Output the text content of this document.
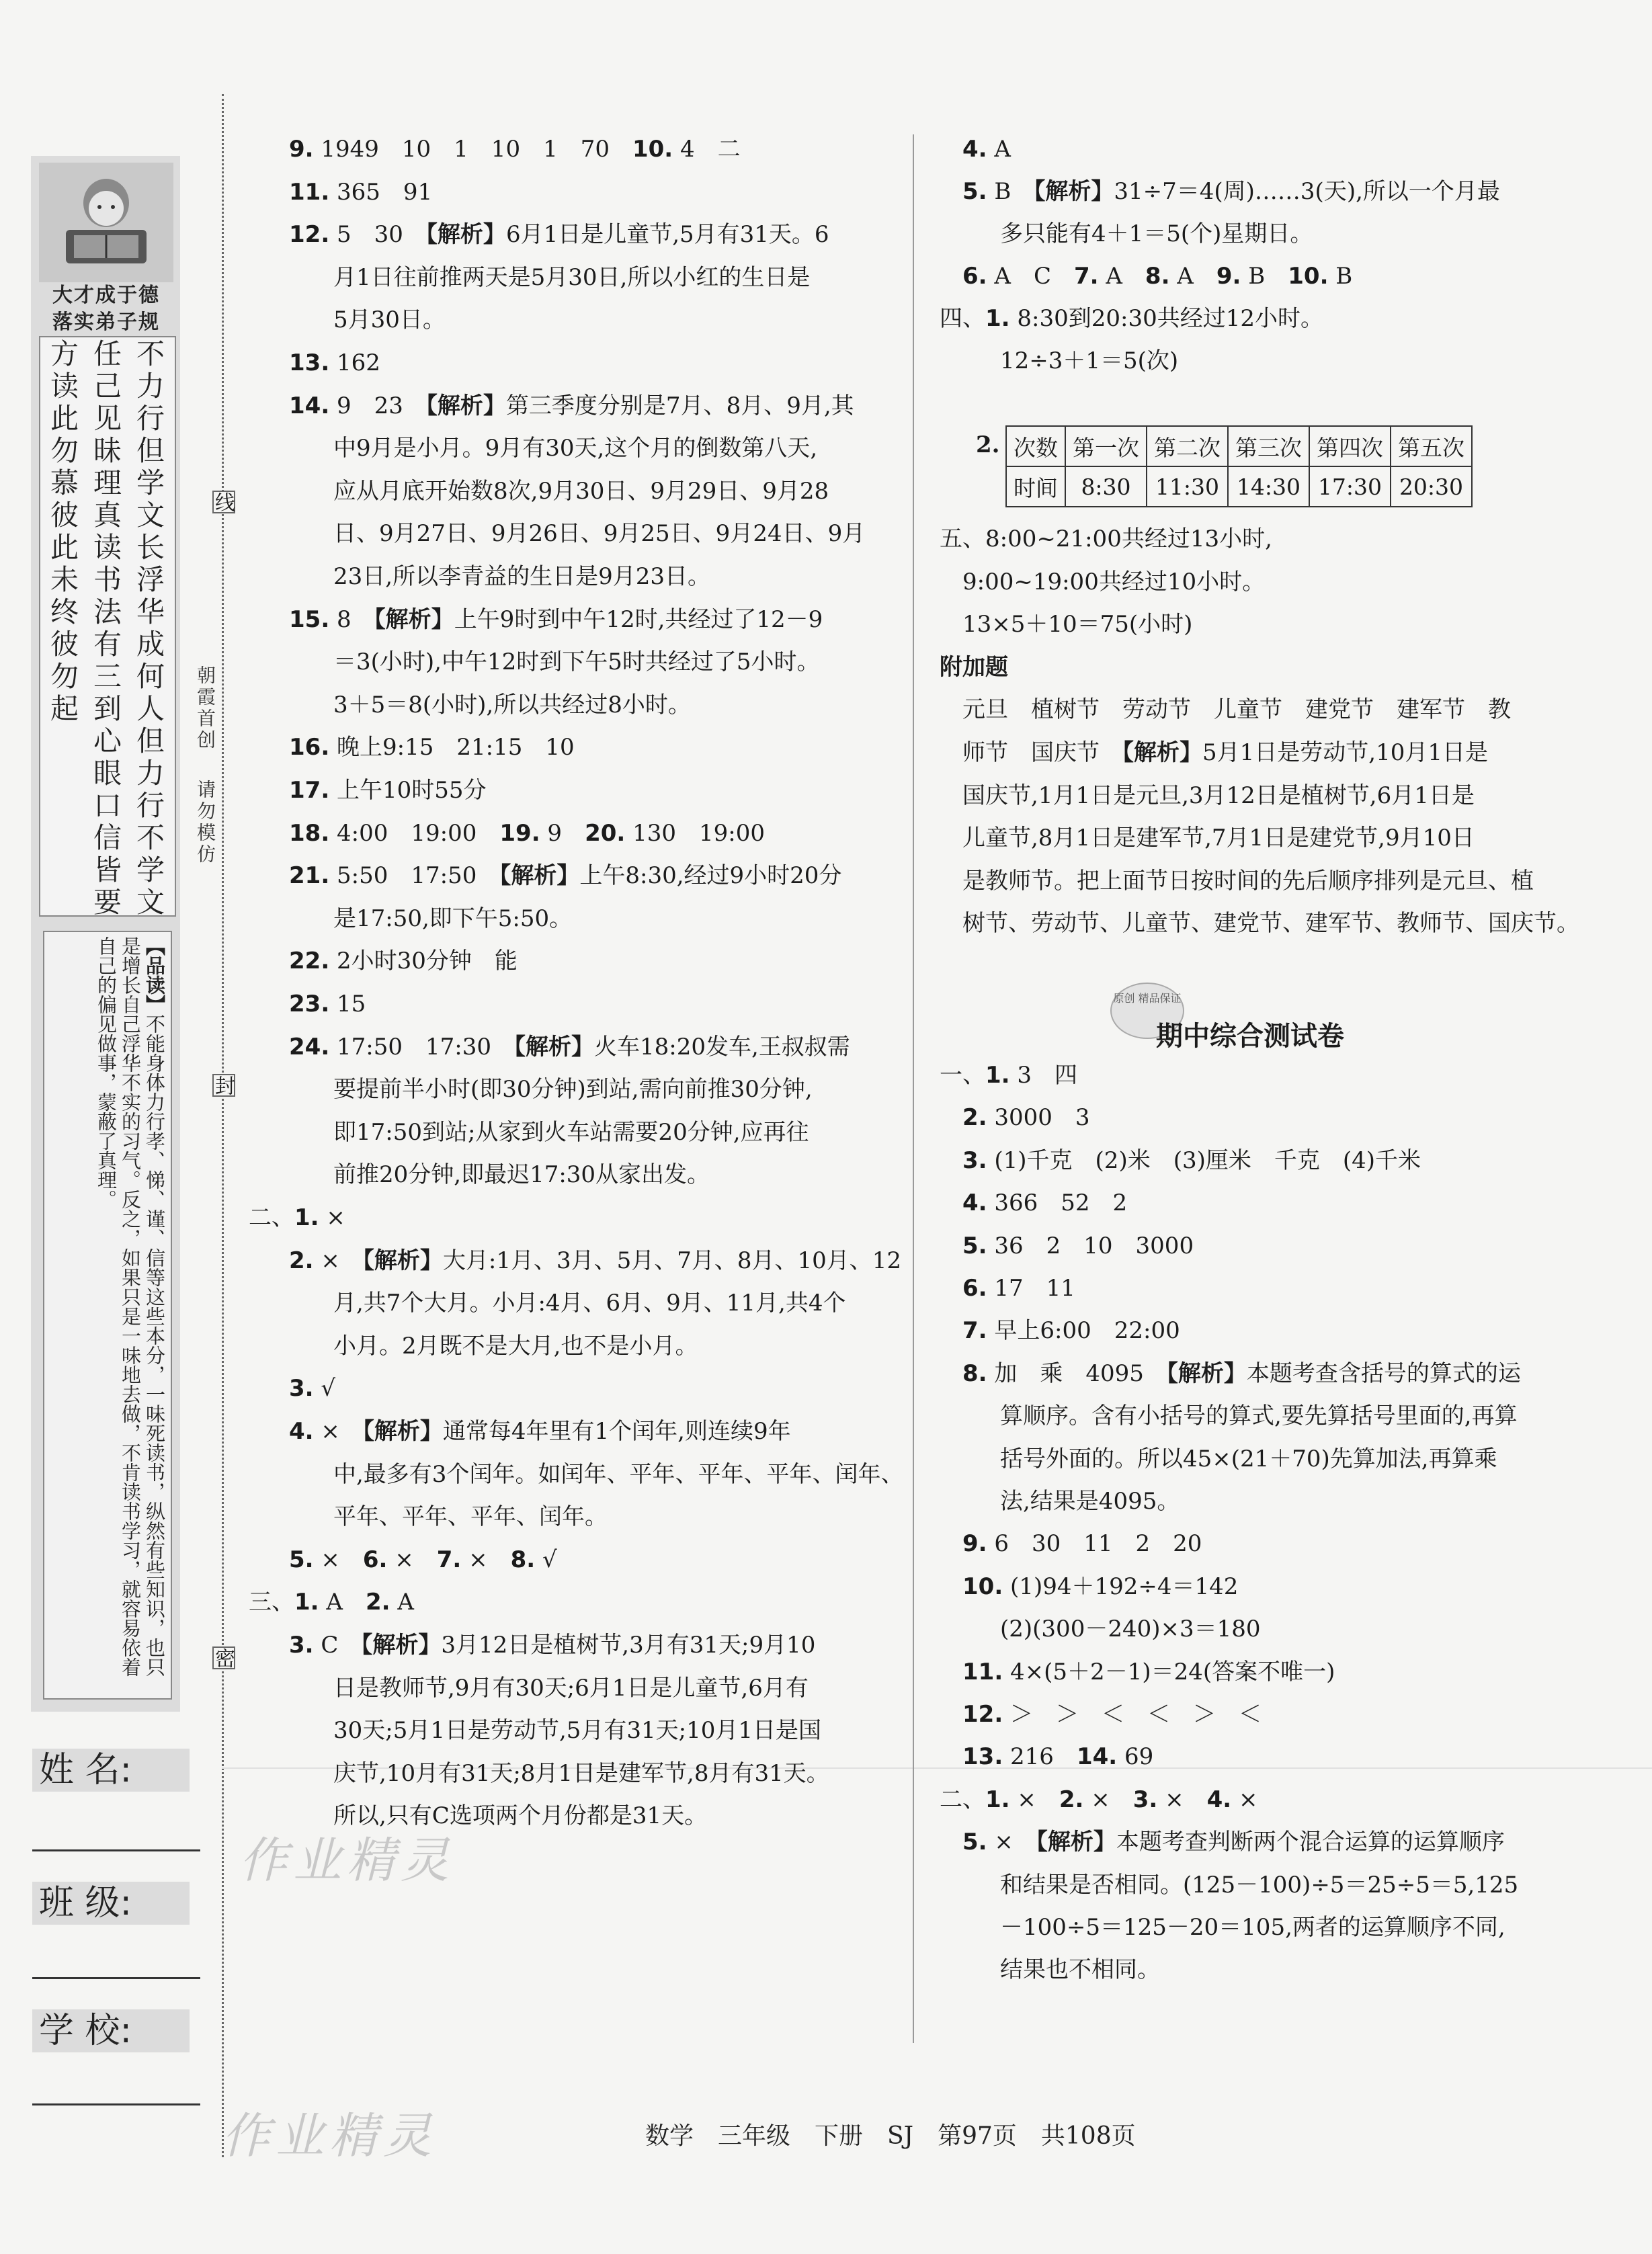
大才成于德
落实弟子规
不力行但学文长浮华成何人但力行不学文
任己见昧理真读书法有三到心眼口信皆要
方读此勿慕彼此未终彼勿起
【品读】不能身体力行孝、悌、谨、信等这些本分，一味死读书，纵然有些知识，也只是增长自己浮华不实的习气。反之，如果只是一味地去做，不肯读书学习，就容易依着自己的偏见做事，蒙蔽了真理。
线
封
密
朝霞首创
请勿模仿
姓 名:
班 级:
学 校:
9. 1949　10　1　10　1　70　10. 4　二
11. 365　91
12. 5　30　【解析】6月1日是儿童节,5月有31天。6
月1日往前推两天是5月30日,所以小红的生日是
5月30日。
13. 162
14. 9　23　【解析】第三季度分别是7月、8月、9月,其
中9月是小月。9月有30天,这个月的倒数第八天,
应从月底开始数8次,9月30日、9月29日、9月28
日、9月27日、9月26日、9月25日、9月24日、9月
23日,所以李青益的生日是9月23日。
15. 8　【解析】上午9时到中午12时,共经过了12－9
＝3(小时),中午12时到下午5时共经过了5小时。
3＋5＝8(小时),所以共经过8小时。
16. 晚上9:15　21:15　10
17. 上午10时55分
18. 4:00　19:00　19. 9　20. 130　19:00
21. 5:50　17:50　【解析】上午8:30,经过9小时20分
是17:50,即下午5:50。
22. 2小时30分钟　能
23. 15
24. 17:50　17:30　【解析】火车18:20发车,王叔叔需
要提前半小时(即30分钟)到站,需向前推30分钟,
即17:50到站;从家到火车站需要20分钟,应再往
前推20分钟,即最迟17:30从家出发。
二、1. ×
2. ×　【解析】大月:1月、3月、5月、7月、8月、10月、12
月,共7个大月。小月:4月、6月、9月、11月,共4个
小月。2月既不是大月,也不是小月。
3. √
4. ×　【解析】通常每4年里有1个闰年,则连续9年
中,最多有3个闰年。如闰年、平年、平年、平年、闰年、
平年、平年、平年、闰年。
5. ×　6. ×　7. ×　8. √
三、1. A　2. A
3. C　【解析】3月12日是植树节,3月有31天;9月10
日是教师节,9月有30天;6月1日是儿童节,6月有
30天;5月1日是劳动节,5月有31天;10月1日是国
庆节,10月有31天;8月1日是建军节,8月有31天。
所以,只有C选项两个月份都是31天。
4. A
5. B　【解析】31÷7＝4(周)……3(天),所以一个月最
多只能有4＋1＝5(个)星期日。
6. A　C　7. A　8. A　9. B　10. B
四、1. 8:30到20:30共经过12小时。
12÷3＋1＝5(次)
2. 次数	第一次	第二次	第三次	第四次	第五次
时间	8:30	11:30	14:30	17:30	20:30
五、8:00~21:00共经过13小时,
9:00~19:00共经过10小时。
13×5＋10＝75(小时)
附加题
元旦　植树节　劳动节　儿童节　建党节　建军节　教
师节　国庆节　【解析】5月1日是劳动节,10月1日是
国庆节,1月1日是元旦,3月12日是植树节,6月1日是
儿童节,8月1日是建军节,7月1日是建党节,9月10日
是教师节。把上面节日按时间的先后顺序排列是元旦、植
树节、劳动节、儿童节、建党节、建军节、教师节、国庆节。
原创 精品保证
期中综合测试卷
一、1. 3　四
2. 3000　3
3. (1)千克　(2)米　(3)厘米　千克　(4)千米
4. 366　52　2
5. 36　2　10　3000
6. 17　11
7. 早上6:00　22:00
8. 加　乘　4095　【解析】本题考查含括号的算式的运
算顺序。含有小括号的算式,要先算括号里面的,再算
括号外面的。所以45×(21＋70)先算加法,再算乘
法,结果是4095。
9. 6　30　11　2　20
10. (1)94＋192÷4＝142
(2)(300－240)×3＝180
11. 4×(5＋2－1)＝24(答案不唯一)
12. ＞　＞　＜　＜　＞　＜
13. 216　14. 69
二、1. ×　2. ×　3. ×　4. ×
5. ×　【解析】本题考查判断两个混合运算的运算顺序
和结果是否相同。(125－100)÷5＝25÷5＝5,125
－100÷5＝125－20＝105,两者的运算顺序不同,
结果也不相同。
数学　三年级　下册　SJ　第97页　共108页
作业精灵
作业精灵
